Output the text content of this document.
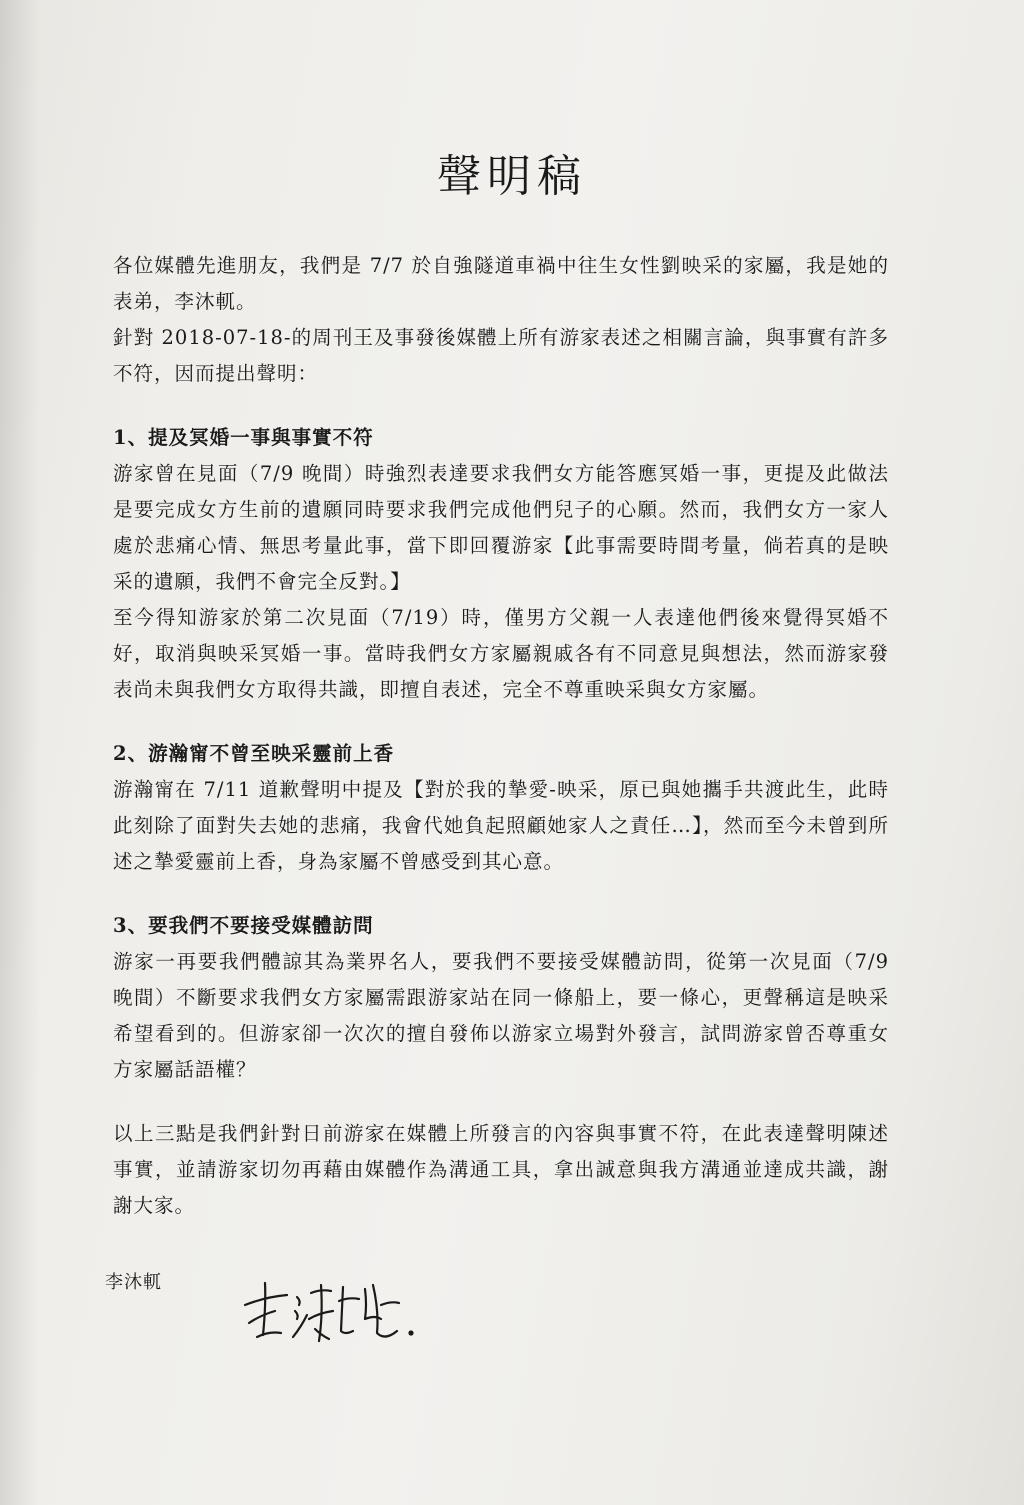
聲明稿

各位媒體先進朋友，我們是 7/7 於自強隧道車禍中往生女性劉映采的家屬，我是她的表弟，李沐軏。

針對 2018-07-18-的周刊王及事發後媒體上所有游家表述之相關言論，與事實有許多不符，因而提出聲明：

1、提及冥婚一事與事實不符

游家曾在見面（7/9 晚間）時強烈表達要求我們女方能答應冥婚一事，更提及此做法是要完成女方生前的遺願同時要求我們完成他們兒子的心願。然而，我們女方一家人處於悲痛心情、無思考量此事，當下即回覆游家【此事需要時間考量，倘若真的是映采的遺願，我們不會完全反對。】

至今得知游家於第二次見面（7/19）時，僅男方父親一人表達他們後來覺得冥婚不好，取消與映采冥婚一事。當時我們女方家屬親戚各有不同意見與想法，然而游家發表尚未與我們女方取得共識，即擅自表述，完全不尊重映采與女方家屬。

2、游瀚甯不曾至映采靈前上香

游瀚甯在 7/11 道歉聲明中提及【對於我的摯愛-映采，原已與她攜手共渡此生，此時此刻除了面對失去她的悲痛，我會代她負起照顧她家人之責任…】，然而至今未曾到所述之摯愛靈前上香，身為家屬不曾感受到其心意。

3、要我們不要接受媒體訪問

游家一再要我們體諒其為業界名人，要我們不要接受媒體訪問，從第一次見面（7/9 晚間）不斷要求我們女方家屬需跟游家站在同一條船上，要一條心，更聲稱這是映采希望看到的。但游家卻一次次的擅自發佈以游家立場對外發言，試問游家曾否尊重女方家屬話語權？

以上三點是我們針對日前游家在媒體上所發言的內容與事實不符，在此表達聲明陳述事實，並請游家切勿再藉由媒體作為溝通工具，拿出誠意與我方溝通並達成共識，謝謝大家。

李沐軏
